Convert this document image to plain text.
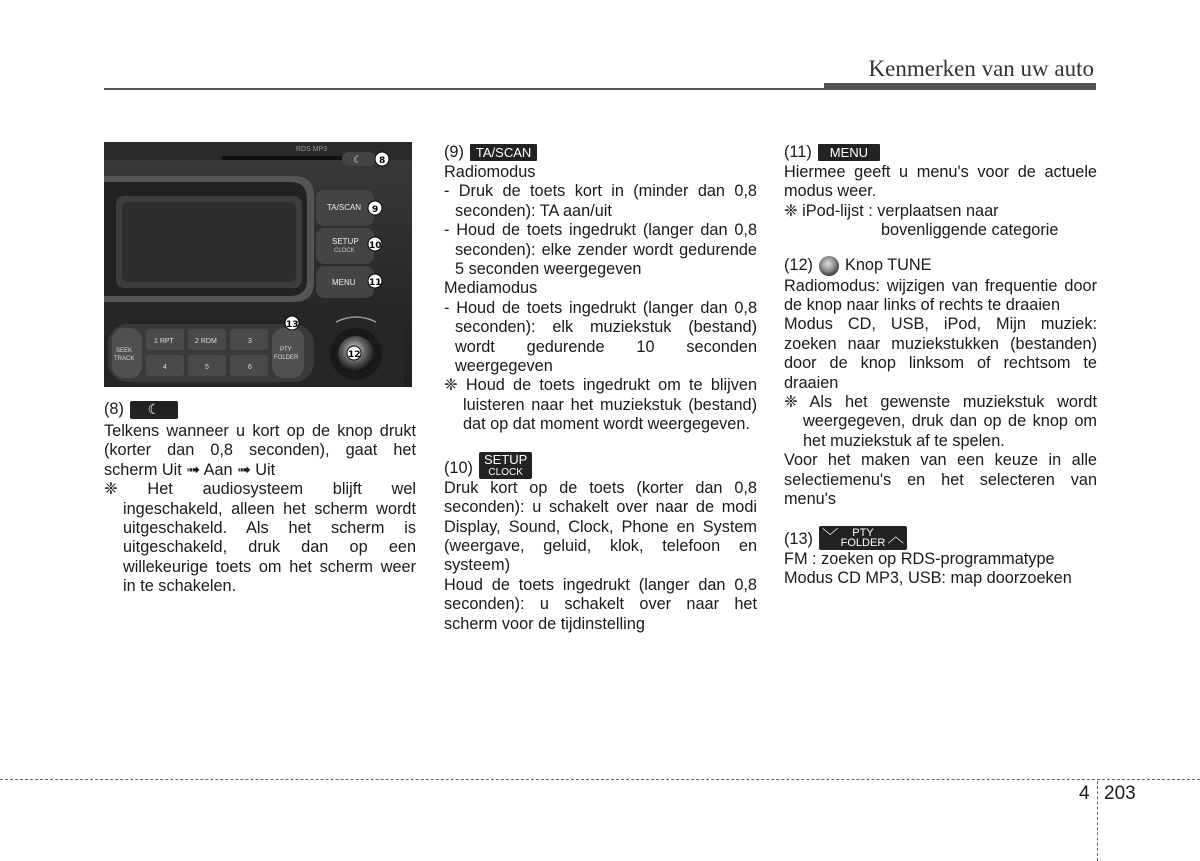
Kenmerken van uw auto
RDS MP3
☾
TA/SCAN
SETUP
CLOCK
MENU
SEEK
TRACK
1 RPT	2 RDM	3
4	5	6
PTY
FOLDER
8
9
10
11
12
13
(8)	☾

Telkens wanneer u kort op de knop drukt (korter dan 0,8 seconden), gaat het scherm Uit ➟ Aan ➟ Uit

❈ Het audiosysteem blijft wel ingeschakeld, alleen het scherm wordt uitgeschakeld. Als het scherm is uitgeschakeld, druk dan op een willekeurige toets om het scherm weer in te schakelen.

(9) TA/SCAN

Radiomodus

- Druk de toets kort in (minder dan 0,8 seconden): TA aan/uit

- Houd de toets ingedrukt (langer dan 0,8 seconden): elke zender wordt gedurende 5 seconden weergegeven

Mediamodus

- Houd de toets ingedrukt (langer dan 0,8 seconden): elk muziekstuk (bestand) wordt gedurende 10 seconden weergegeven

❈ Houd de toets ingedrukt om te blijven luisteren naar het muziekstuk (bestand) dat op dat moment wordt weergegeven.

(10)
SETUP
CLOCK

Druk kort op de toets (korter dan 0,8 seconden): u schakelt over naar de modi Display, Sound, Clock, Phone en System (weergave, geluid, klok, telefoon en systeem)

Houd de toets ingedrukt (langer dan 0,8 seconden): u schakelt over naar het scherm voor de tijdinstelling

(11)	MENU

Hiermee geeft u menu's voor de actuele modus weer.

❈ iPod-lijst : verplaatsen naar

bovenliggende categorie

(12) Knop TUNE

Radiomodus: wijzigen van frequentie door de knop naar links of rechts te draaien

Modus CD, USB, iPod, Mijn muziek: zoeken naar muziekstukken (bestanden) door de knop linksom of rechtsom te draaien

❈ Als het gewenste muziekstuk wordt weergegeven, druk dan op de knop om het muziekstuk af te spelen.

Voor het maken van een keuze in alle selectiemenu's en het selecteren van menu's

(13) ﹀ PTY
FOLDER ︿

FM : zoeken op RDS-programmatype

Modus CD MP3, USB: map doorzoeken

4 203
